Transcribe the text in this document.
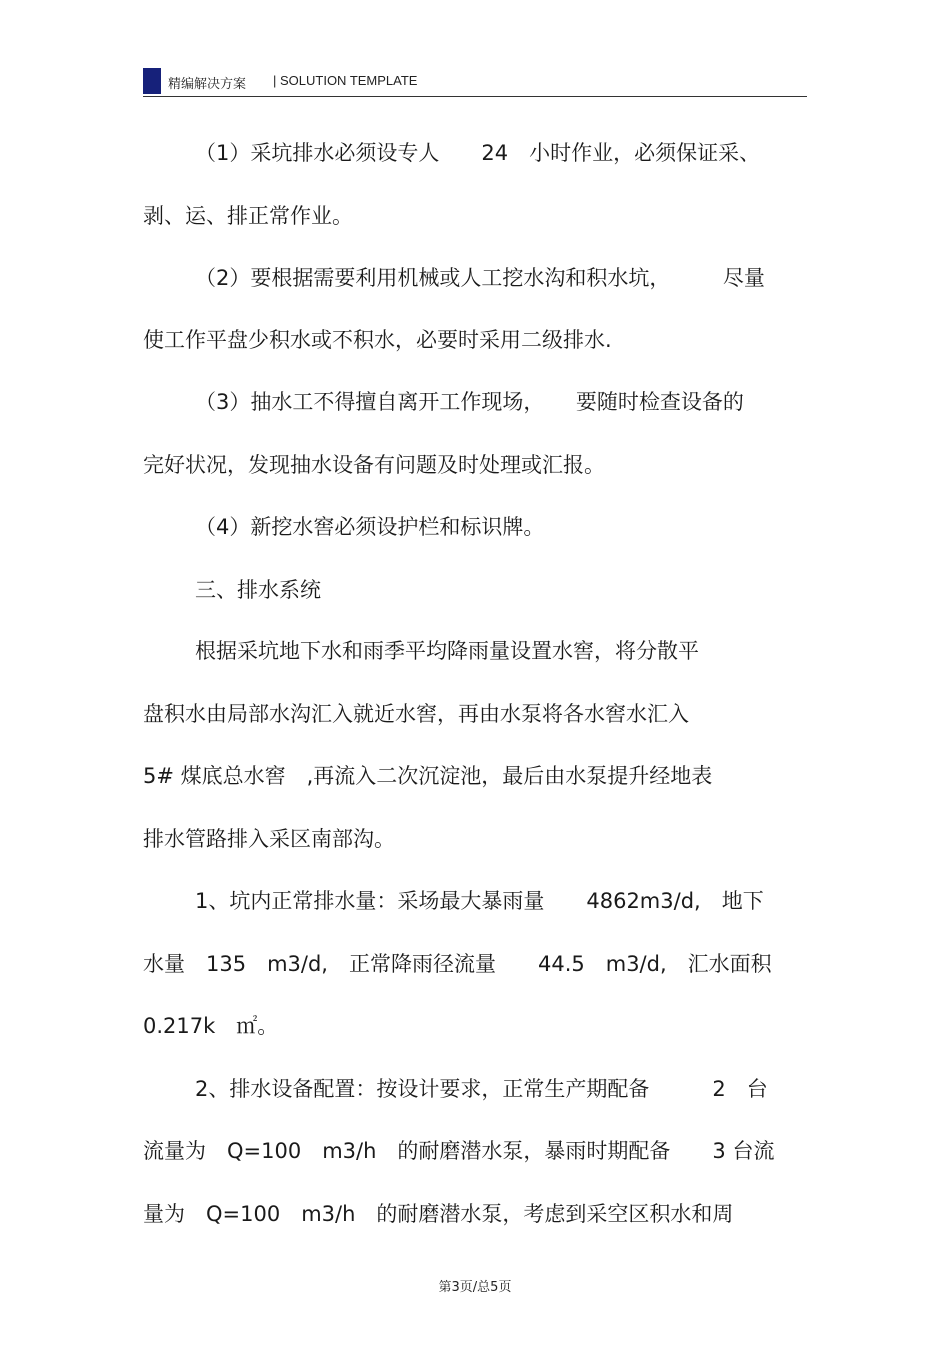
精编解决方案 | SOLUTION TEMPLATE
（1）采坑排水必须设专人　　24　小时作业，必须保证采、
剥、运、排正常作业。
（2）要根据需要利用机械或人工挖水沟和积水坑，　　　尽量
使工作平盘少积水或不积水，必要时采用二级排水.
（3）抽水工不得擅自离开工作现场，　　要随时检查设备的
完好状况，发现抽水设备有问题及时处理或汇报。
（4）新挖水窖必须设护栏和标识牌。
三、排水系统
根据采坑地下水和雨季平均降雨量设置水窖，将分散平
盘积水由局部水沟汇入就近水窖，再由水泵将各水窖水汇入
5# 煤底总水窖　,再流入二次沉淀池，最后由水泵提升经地表
排水管路排入采区南部沟。
1、坑内正常排水量：采场最大暴雨量　　4862m3/d,　地下
水量　135　m3/d,　正常降雨径流量　　44.5　m3/d,　汇水面积
0.217k　㎡。
2、排水设备配置：按设计要求，正常生产期配备　　　2　台
流量为　Q=100　m3/h　的耐磨潜水泵，暴雨时期配备　　3 台流
量为　Q=100　m3/h　的耐磨潜水泵，考虑到采空区积水和周
第3页/总5页
